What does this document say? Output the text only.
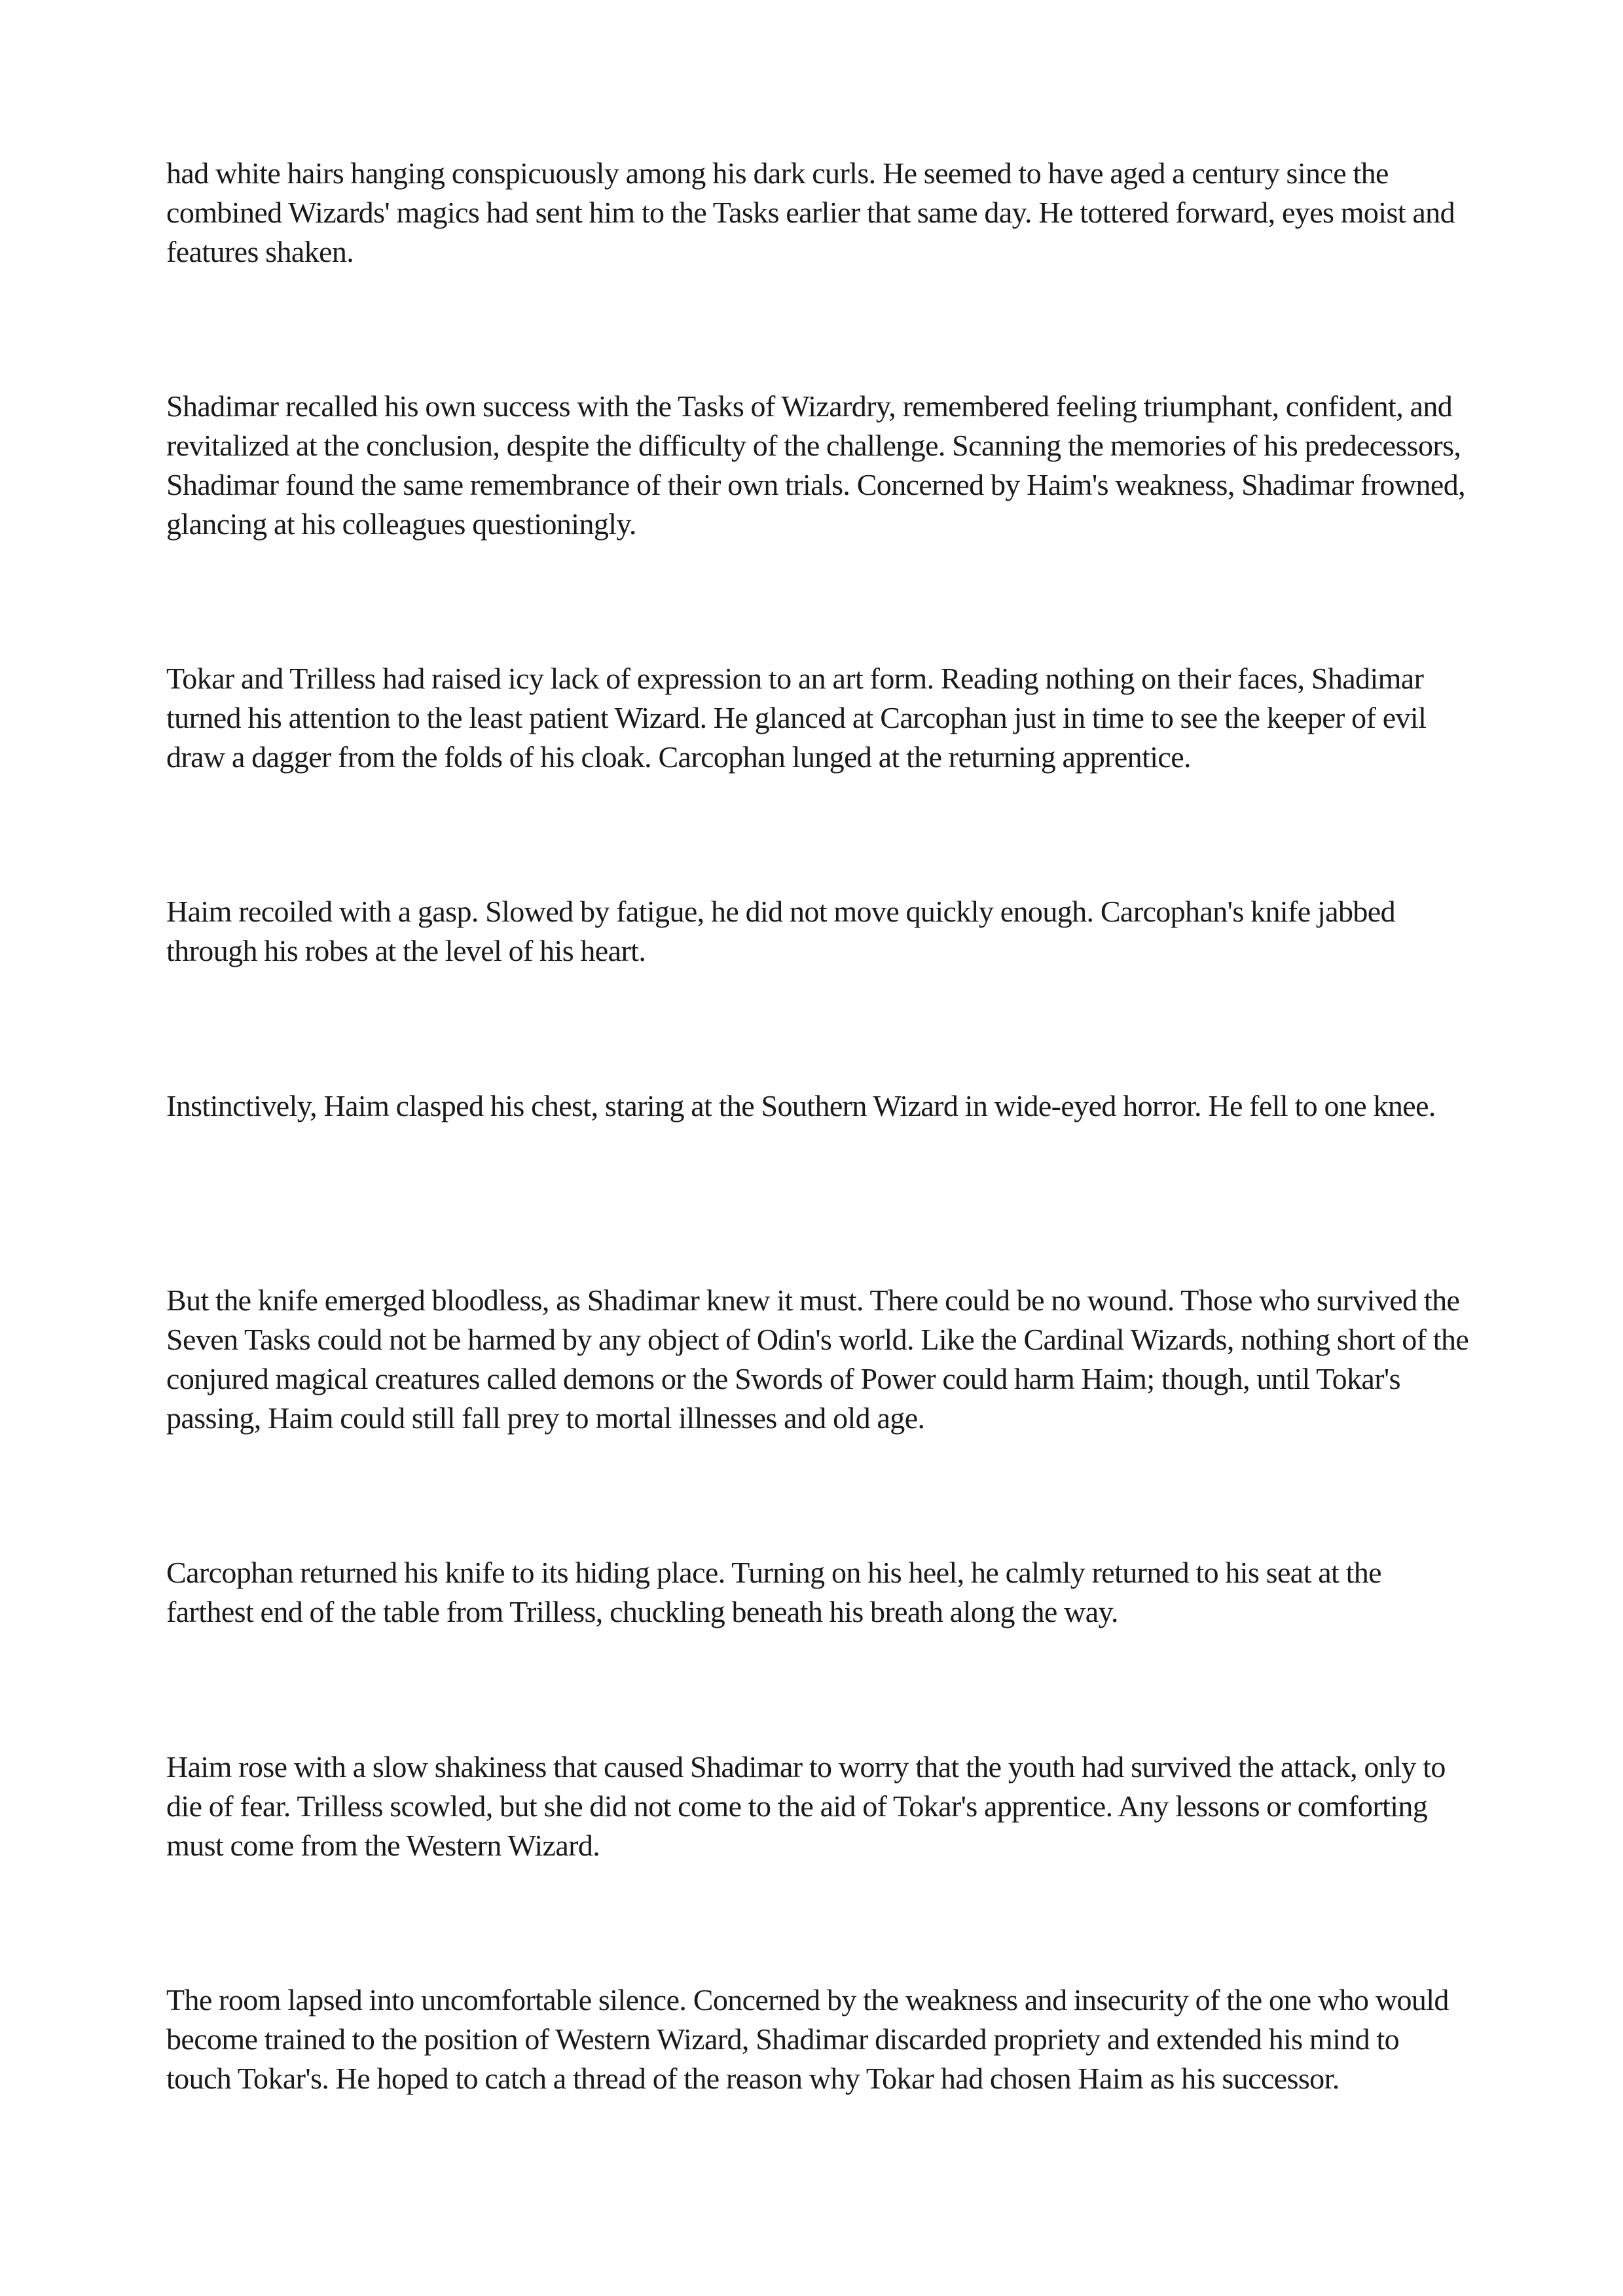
had white hairs hanging conspicuously among his dark curls. He seemed to have aged a century since the combined Wizards' magics had sent him to the Tasks earlier that same day. He tottered forward, eyes moist and features shaken.

Shadimar recalled his own success with the Tasks of Wizardry, remembered feeling triumphant, confident, and revitalized at the conclusion, despite the difficulty of the challenge. Scanning the memories of his predecessors, Shadimar found the same remembrance of their own trials. Concerned by Haim's weakness, Shadimar frowned, glancing at his colleagues questioningly.

Tokar and Trilless had raised icy lack of expression to an art form. Reading nothing on their faces, Shadimar turned his attention to the least patient Wizard. He glanced at Carcophan just in time to see the keeper of evil draw a dagger from the folds of his cloak. Carcophan lunged at the returning apprentice.

Haim recoiled with a gasp. Slowed by fatigue, he did not move quickly enough. Carcophan's knife jabbed through his robes at the level of his heart.

Instinctively, Haim clasped his chest, staring at the Southern Wizard in wide-eyed horror. He fell to one knee.

But the knife emerged bloodless, as Shadimar knew it must. There could be no wound. Those who survived the Seven Tasks could not be harmed by any object of Odin's world. Like the Cardinal Wizards, nothing short of the conjured magical creatures called demons or the Swords of Power could harm Haim; though, until Tokar's passing, Haim could still fall prey to mortal illnesses and old age.

Carcophan returned his knife to its hiding place. Turning on his heel, he calmly returned to his seat at the farthest end of the table from Trilless, chuckling beneath his breath along the way.

Haim rose with a slow shakiness that caused Shadimar to worry that the youth had survived the attack, only to die of fear. Trilless scowled, but she did not come to the aid of Tokar's apprentice. Any lessons or comforting must come from the Western Wizard.

The room lapsed into uncomfortable silence. Concerned by the weakness and insecurity of the one who would become trained to the position of Western Wizard, Shadimar discarded propriety and extended his mind to touch Tokar's. He hoped to catch a thread of the reason why Tokar had chosen Haim as his successor.
